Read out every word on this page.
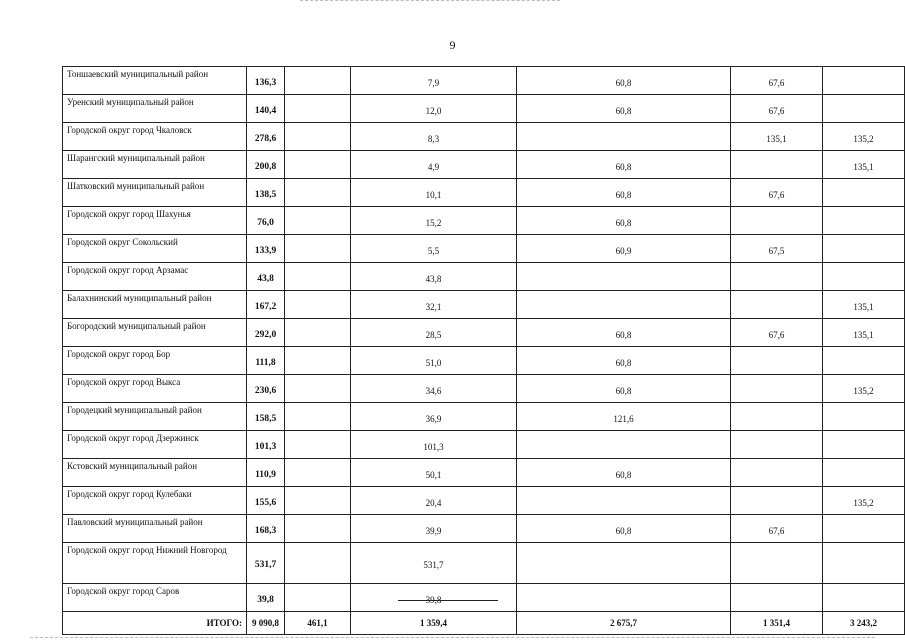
9
Тоншаевский муниципальный район	136,3		7,9	60,8	67,6	
Уренский муниципальный район	140,4		12,0	60,8	67,6	
Городской округ город Чкаловск	278,6		8,3		135,1	135,2
Шарангский муниципальный район	200,8		4,9	60,8		135,1
Шатковский муниципальный район	138,5		10,1	60,8	67,6	
Городской округ город Шахунья	76,0		15,2	60,8		
Городской округ Сокольский	133,9		5,5	60,9	67,5	
Городской округ город Арзамас	43,8		43,8			
Балахнинский муниципальный район	167,2		32,1			135,1
Богородский муниципальный район	292,0		28,5	60,8	67,6	135,1
Городской округ город Бор	111,8		51,0	60,8		
Городской округ город Выкса	230,6		34,6	60,8		135,2
Городецкий муниципальный район	158,5		36,9	121,6		
Городской округ город Дзержинск	101,3		101,3			
Кстовский муниципальный район	110,9		50,1	60,8		
Городской округ город Кулебаки	155,6		20,4			135,2
Павловский муниципальный район	168,3		39,9	60,8	67,6	
Городской округ город Нижний Новгород	531,7		531,7			
Городской округ город Саров	39,8		39,8			
ИТОГО:	9 090,8	461,1	1 359,4	2 675,7	1 351,4	3 243,2
